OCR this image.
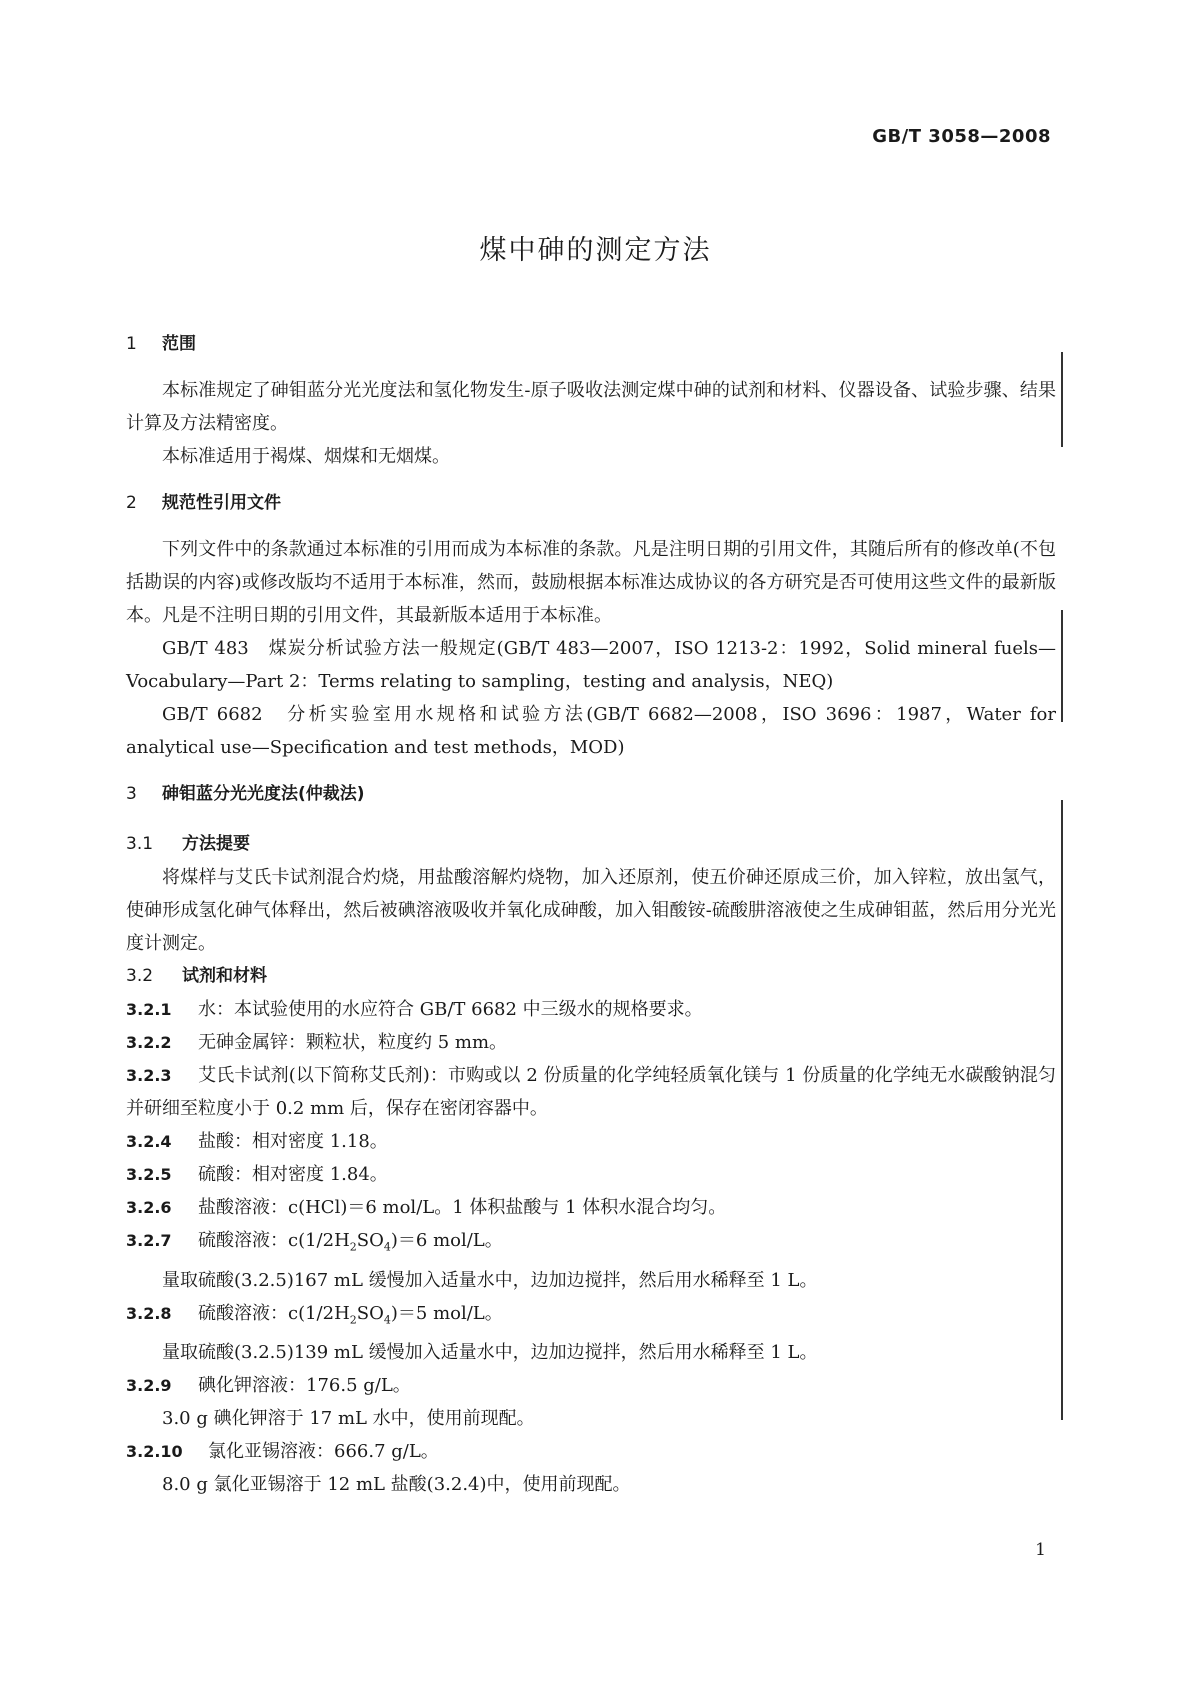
GB/T 3058—2008
煤中砷的测定方法
1 范围

本标准规定了砷钼蓝分光光度法和氢化物发生-原子吸收法测定煤中砷的试剂和材料、仪器设备、试验步骤、结果计算及方法精密度。

本标准适用于褐煤、烟煤和无烟煤。

2 规范性引用文件

下列文件中的条款通过本标准的引用而成为本标准的条款。凡是注明日期的引用文件，其随后所有的修改单(不包括勘误的内容)或修改版均不适用于本标准，然而，鼓励根据本标准达成协议的各方研究是否可使用这些文件的最新版本。凡是不注明日期的引用文件，其最新版本适用于本标准。

GB/T 483　煤炭分析试验方法一般规定(GB/T 483—2007，ISO 1213-2：1992，Solid mineral fuels—Vocabulary—Part 2：Terms relating to sampling，testing and analysis，NEQ)

GB/T 6682　分析实验室用水规格和试验方法(GB/T 6682—2008，ISO 3696：1987，Water for analytical use—Specification and test methods，MOD)

3 砷钼蓝分光光度法(仲裁法)
3.1 方法提要

将煤样与艾氏卡试剂混合灼烧，用盐酸溶解灼烧物，加入还原剂，使五价砷还原成三价，加入锌粒，放出氢气，使砷形成氢化砷气体释出，然后被碘溶液吸收并氧化成砷酸，加入钼酸铵-硫酸肼溶液使之生成砷钼蓝，然后用分光光度计测定。

3.2 试剂和材料

3.2.1 水：本试验使用的水应符合 GB/T 6682 中三级水的规格要求。

3.2.2 无砷金属锌：颗粒状，粒度约 5 mm。

3.2.3 艾氏卡试剂(以下简称艾氏剂)：市购或以 2 份质量的化学纯轻质氧化镁与 1 份质量的化学纯无水碳酸钠混匀并研细至粒度小于 0.2 mm 后，保存在密闭容器中。

3.2.4 盐酸：相对密度 1.18。

3.2.5 硫酸：相对密度 1.84。

3.2.6 盐酸溶液：c(HCl)＝6 mol/L。1 体积盐酸与 1 体积水混合均匀。

3.2.7 硫酸溶液：$c(1/2H_2SO_4)=6$ mol/L。

量取硫酸(3.2.5)167 mL 缓慢加入适量水中，边加边搅拌，然后用水稀释至 1 L。

3.2.8 硫酸溶液：$c(1/2H_2SO_4)=5$ mol/L。

量取硫酸(3.2.5)139 mL 缓慢加入适量水中，边加边搅拌，然后用水稀释至 1 L。

3.2.9 碘化钾溶液：176.5 g/L。

3.0 g 碘化钾溶于 17 mL 水中，使用前现配。

3.2.10 氯化亚锡溶液：666.7 g/L。

8.0 g 氯化亚锡溶于 12 mL 盐酸(3.2.4)中，使用前现配。

1
